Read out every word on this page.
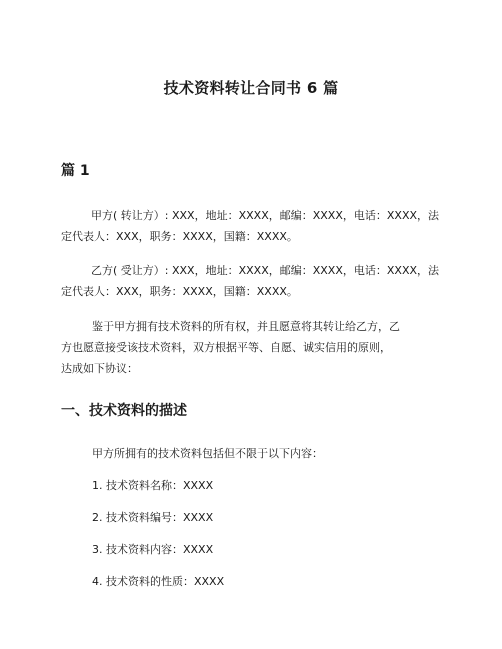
技术资料转让合同书 6 篇
篇 1
甲方( 转让方）: XXX，地址：XXXX，邮编：XXXX，电话：XXXX，法定代表人：XXX，职务：XXXX，国籍：XXXX。
乙方( 受让方）: XXX，地址：XXXX，邮编：XXXX，电话：XXXX，法定代表人：XXX，职务：XXXX，国籍：XXXX。
鉴于甲方拥有技术资料的所有权，并且愿意将其转让给乙方，乙
方也愿意接受该技术资料，双方根据平等、自愿、诚实信用的原则，
达成如下协议：
一、技术资料的描述
甲方所拥有的技术资料包括但不限于以下内容：
1. 技术资料名称：XXXX
2. 技术资料编号：XXXX
3. 技术资料内容：XXXX
4. 技术资料的性质：XXXX
